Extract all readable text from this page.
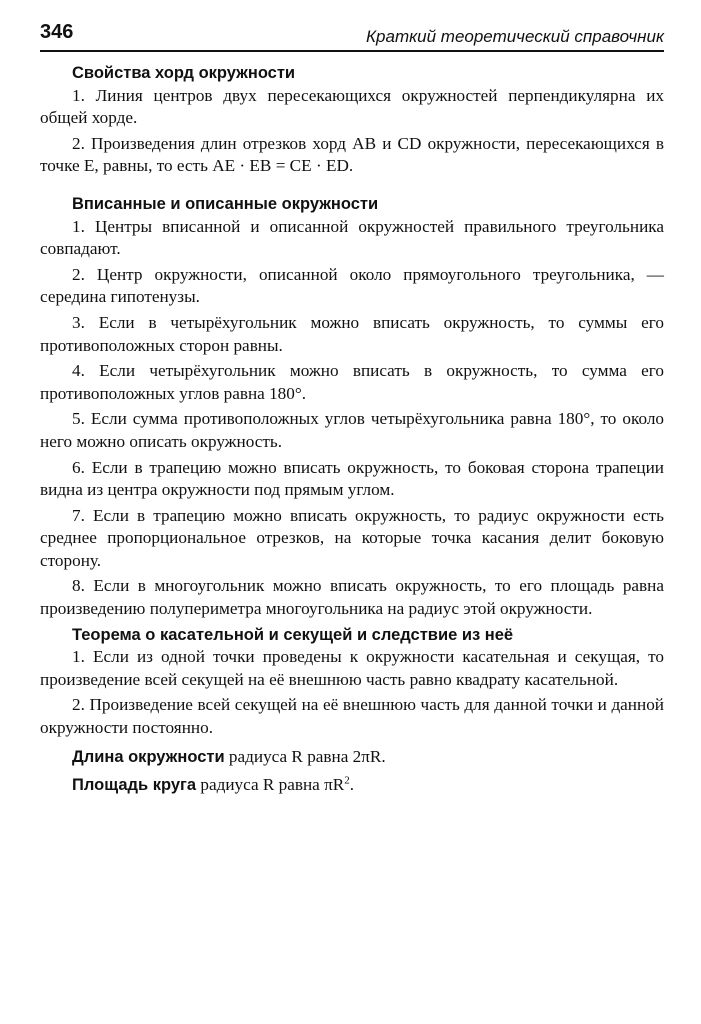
346	Краткий теоретический справочник

Свойства хорд окружности

1. Линия центров двух пересекающихся окружностей перпендикулярна их общей хорде.

2. Произведения длин отрезков хорд AB и CD окружности, пересекающихся в точке E, равны, то есть AE · EB = CE · ED.

Вписанные и описанные окружности

1. Центры вписанной и описанной окружностей правильного треугольника совпадают.

2. Центр окружности, описанной около прямоугольного треугольника, — середина гипотенузы.

3. Если в четырёхугольник можно вписать окружность, то суммы его противоположных сторон равны.

4. Если четырёхугольник можно вписать в окружность, то сумма его противоположных углов равна 180°.

5. Если сумма противоположных углов четырёхугольника равна 180°, то около него можно описать окружность.

6. Если в трапецию можно вписать окружность, то боковая сторона трапеции видна из центра окружности под прямым углом.

7. Если в трапецию можно вписать окружность, то радиус окружности есть среднее пропорциональное отрезков, на которые точка касания делит боковую сторону.

8. Если в многоугольник можно вписать окружность, то его площадь равна произведению полупериметра многоугольника на радиус этой окружности.

Теорема о касательной и секущей и следствие из неё

1. Если из одной точки проведены к окружности касательная и секущая, то произведение всей секущей на её внешнюю часть равно квадрату касательной.

2. Произведение всей секущей на её внешнюю часть для данной точки и данной окружности постоянно.

Длина окружности радиуса R равна 2πR.

Площадь круга радиуса R равна $\pi R^2$.
